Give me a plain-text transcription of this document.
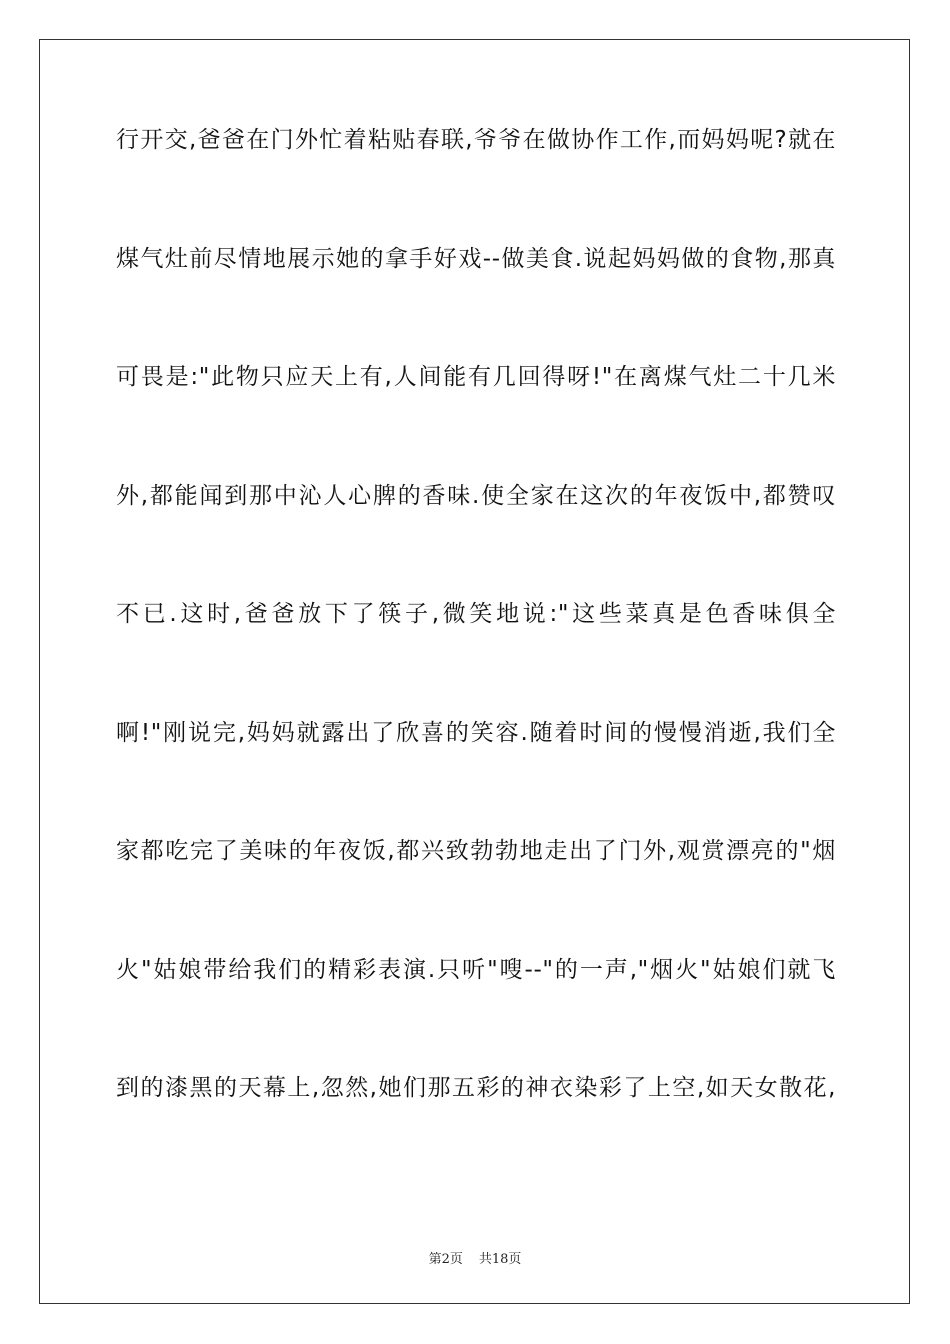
行开交,爸爸在门外忙着粘贴春联,爷爷在做协作工作,而妈妈呢?就在
煤气灶前尽情地展示她的拿手好戏--做美食.说起妈妈做的食物,那真
可畏是:"此物只应天上有,人间能有几回得呀!"在离煤气灶二十几米
外,都能闻到那中沁人心脾的香味.使全家在这次的年夜饭中,都赞叹
不已.这时,爸爸放下了筷子,微笑地说:"这些菜真是色香味俱全
啊!"刚说完,妈妈就露出了欣喜的笑容.随着时间的慢慢消逝,我们全
家都吃完了美味的年夜饭,都兴致勃勃地走出了门外,观赏漂亮的"烟
火"姑娘带给我们的精彩表演.只听"嗖--"的一声,"烟火"姑娘们就飞
到的漆黑的天幕上,忽然,她们那五彩的神衣染彩了上空,如天女散花,
第2页 共18页
